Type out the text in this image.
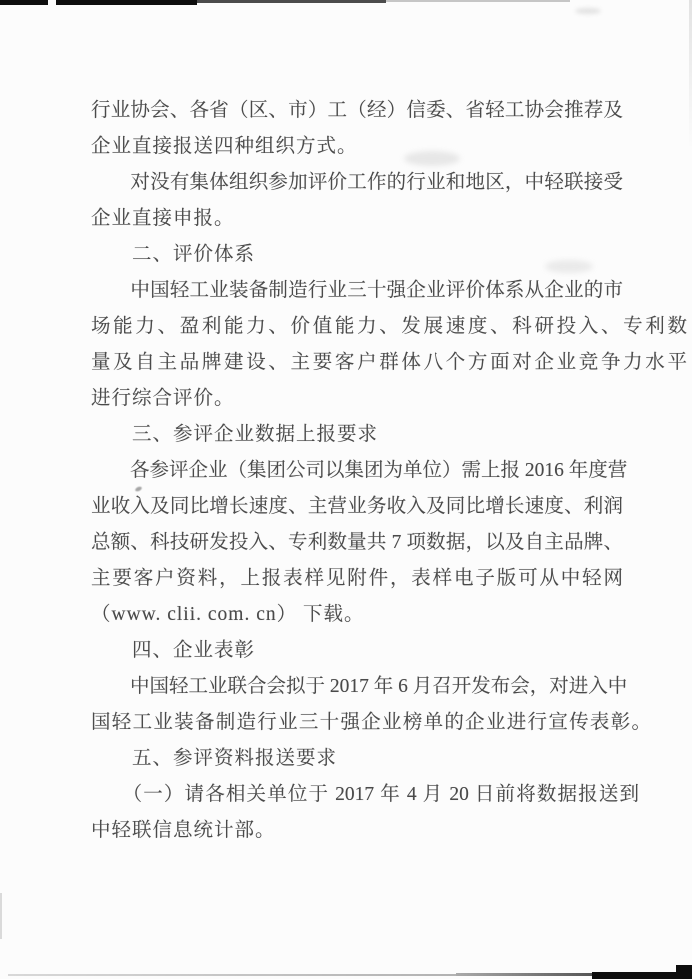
行业协会、各省（区、市）工（经）信委、省轻工协会推荐及
企业直接报送四种组织方式。
　　对没有集体组织参加评价工作的行业和地区，中轻联接受
企业直接申报。
　　二、评价体系
　　中国轻工业装备制造行业三十强企业评价体系从企业的市
场能力、盈利能力、价值能力、发展速度、科研投入、专利数
量及自主品牌建设、主要客户群体八个方面对企业竞争力水平
进行综合评价。
　　三、参评企业数据上报要求
　　各参评企业（集团公司以集团为单位）需上报 2016 年度营
业收入及同比增长速度、主营业务收入及同比增长速度、利润
总额、科技研发投入、专利数量共 7 项数据，以及自主品牌、
主要客户资料，上报表样见附件，表样电子版可从中轻网
（www. clii. com. cn） 下载。
　　四、企业表彰
　　中国轻工业联合会拟于 2017 年 6 月召开发布会，对进入中
国轻工业装备制造行业三十强企业榜单的企业进行宣传表彰。
　　五、参评资料报送要求
　　（一）请各相关单位于 2017 年 4 月 20 日前将数据报送到
中轻联信息统计部。
